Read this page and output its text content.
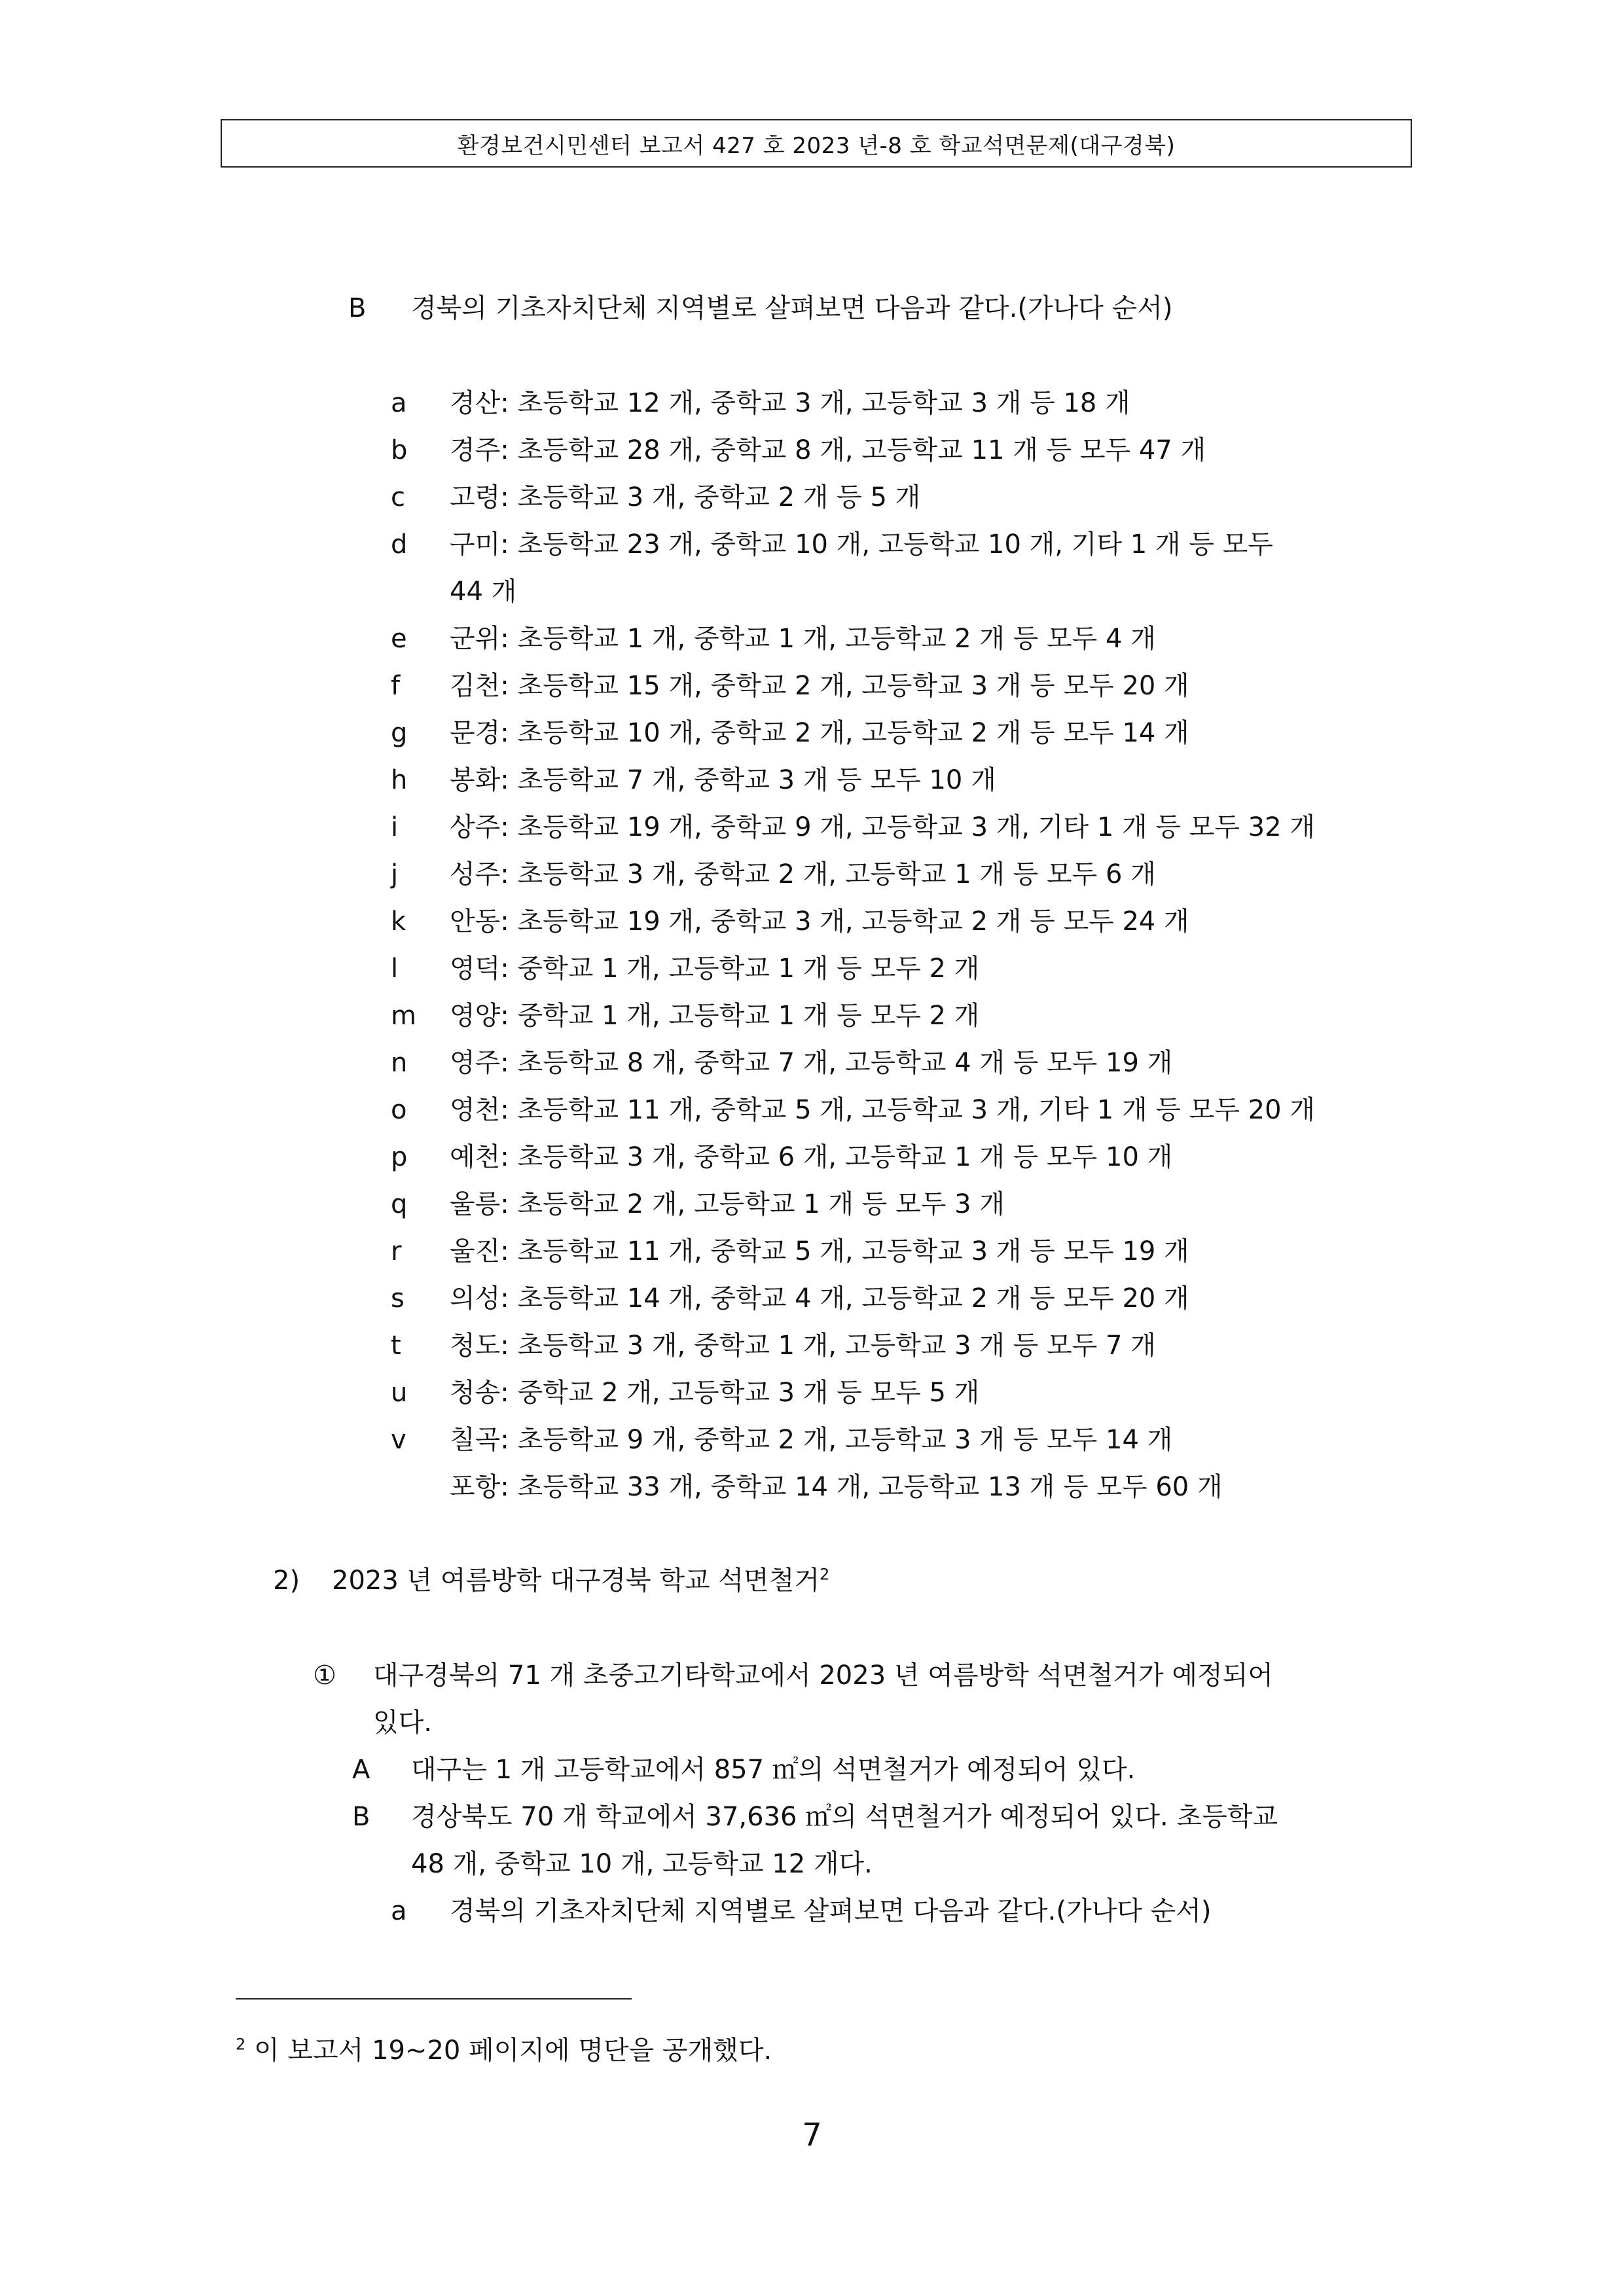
환경보건시민센터 보고서 427 호 2023 년-8 호 학교석면문제(대구경북)
B 경북의 기초자치단체 지역별로 살펴보면 다음과 같다.(가나다 순서)
a 경산: 초등학교 12 개, 중학교 3 개, 고등학교 3 개 등 18 개
b 경주: 초등학교 28 개, 중학교 8 개, 고등학교 11 개 등 모두 47 개
c 고령: 초등학교 3 개, 중학교 2 개 등 5 개
d 구미: 초등학교 23 개, 중학교 10 개, 고등학교 10 개, 기타 1 개 등 모두
44 개
e 군위: 초등학교 1 개, 중학교 1 개, 고등학교 2 개 등 모두 4 개
f 김천: 초등학교 15 개, 중학교 2 개, 고등학교 3 개 등 모두 20 개
g 문경: 초등학교 10 개, 중학교 2 개, 고등학교 2 개 등 모두 14 개
h 봉화: 초등학교 7 개, 중학교 3 개 등 모두 10 개
i 상주: 초등학교 19 개, 중학교 9 개, 고등학교 3 개, 기타 1 개 등 모두 32 개
j 성주: 초등학교 3 개, 중학교 2 개, 고등학교 1 개 등 모두 6 개
k 안동: 초등학교 19 개, 중학교 3 개, 고등학교 2 개 등 모두 24 개
l 영덕: 중학교 1 개, 고등학교 1 개 등 모두 2 개
m 영양: 중학교 1 개, 고등학교 1 개 등 모두 2 개
n 영주: 초등학교 8 개, 중학교 7 개, 고등학교 4 개 등 모두 19 개
o 영천: 초등학교 11 개, 중학교 5 개, 고등학교 3 개, 기타 1 개 등 모두 20 개
p 예천: 초등학교 3 개, 중학교 6 개, 고등학교 1 개 등 모두 10 개
q 울릉: 초등학교 2 개, 고등학교 1 개 등 모두 3 개
r 울진: 초등학교 11 개, 중학교 5 개, 고등학교 3 개 등 모두 19 개
s 의성: 초등학교 14 개, 중학교 4 개, 고등학교 2 개 등 모두 20 개
t 청도: 초등학교 3 개, 중학교 1 개, 고등학교 3 개 등 모두 7 개
u 청송: 중학교 2 개, 고등학교 3 개 등 모두 5 개
v 칠곡: 초등학교 9 개, 중학교 2 개, 고등학교 3 개 등 모두 14 개
포항: 초등학교 33 개, 중학교 14 개, 고등학교 13 개 등 모두 60 개
2) 2023 년 여름방학 대구경북 학교 석면철거$^2$
① 대구경북의 71 개 초중고기타학교에서 2023 년 여름방학 석면철거가 예정되어
있다.
A 대구는 1 개 고등학교에서 857 ㎡의 석면철거가 예정되어 있다.
B 경상북도 70 개 학교에서 37,636 ㎡의 석면철거가 예정되어 있다. 초등학교
48 개, 중학교 10 개, 고등학교 12 개다.
a 경북의 기초자치단체 지역별로 살펴보면 다음과 같다.(가나다 순서)
$^2$ 이 보고서 19~20 페이지에 명단을 공개했다.
7
